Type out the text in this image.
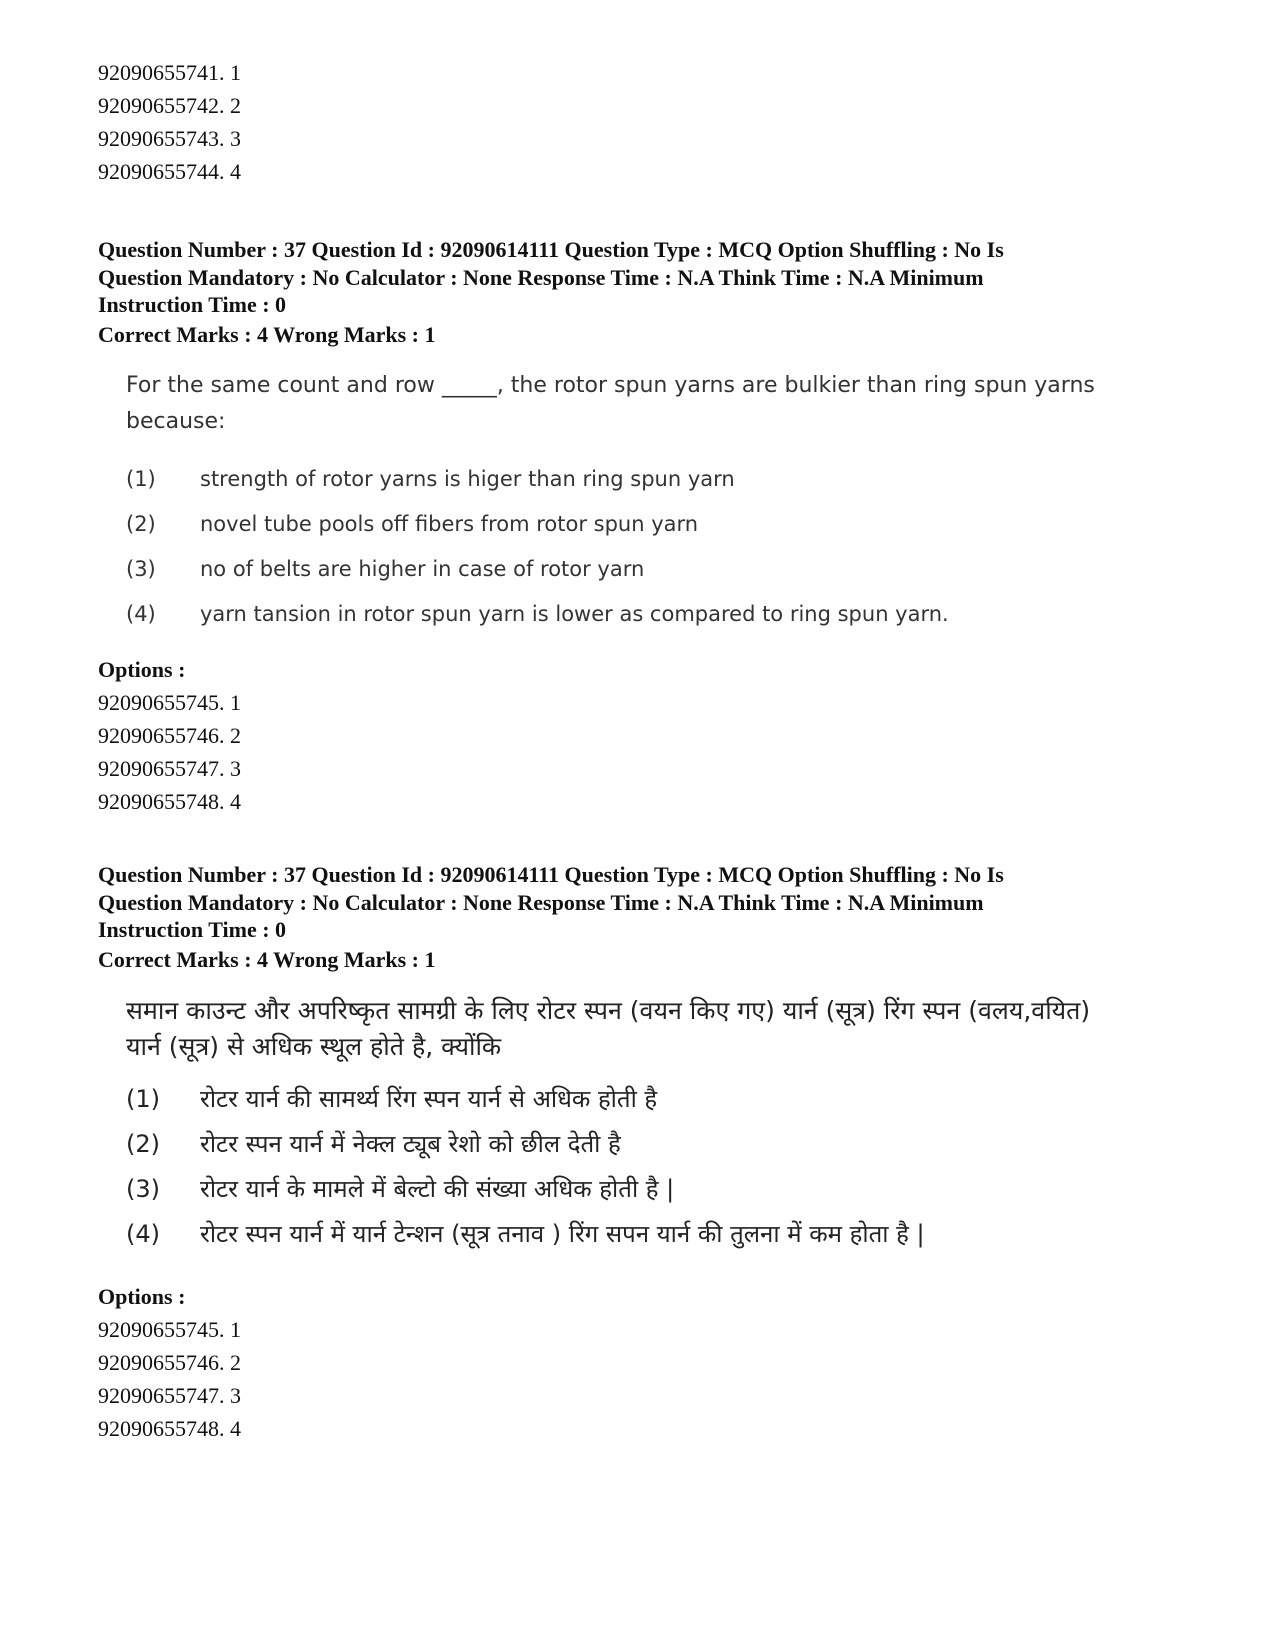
92090655741. 1
92090655742. 2
92090655743. 3
92090655744. 4
Question Number : 37 Question Id : 92090614111 Question Type : MCQ Option Shuffling : No Is
Question Mandatory : No Calculator : None Response Time : N.A Think Time : N.A Minimum
Instruction Time : 0
Correct Marks : 4 Wrong Marks : 1
For the same count and row _____, the rotor spun yarns are bulkier than ring spun yarns because:
(1) strength of rotor yarns is higer than ring spun yarn
(2) novel tube pools off fibers from rotor spun yarn
(3) no of belts are higher in case of rotor yarn
(4) yarn tansion in rotor spun yarn is lower as compared to ring spun yarn.
Options :
92090655745. 1
92090655746. 2
92090655747. 3
92090655748. 4
Question Number : 37 Question Id : 92090614111 Question Type : MCQ Option Shuffling : No Is
Question Mandatory : No Calculator : None Response Time : N.A Think Time : N.A Minimum
Instruction Time : 0
Correct Marks : 4 Wrong Marks : 1
समान काउन्ट और अपरिष्कृत सामग्री के लिए रोटर स्पन (वयन किए गए) यार्न (सूत्र) रिंग स्पन (वलय,वयित)
यार्न (सूत्र) से अधिक स्थूल होते है, क्योंकि
(1) रोटर यार्न की सामर्थ्य रिंग स्पन यार्न से अधिक होती है
(2) रोटर स्पन यार्न में नेक्ल ट्यूब रेशो को छील देती है
(3)रोटर यार्न के मामले में बेल्टो की संख्या अधिक होती है |
(4) रोटर स्पन यार्न में यार्न टेन्शन (सूत्र तनाव ) रिंग सपन यार्न की तुलना में कम होता है |
Options :
92090655745. 1
92090655746. 2
92090655747. 3
92090655748. 4
